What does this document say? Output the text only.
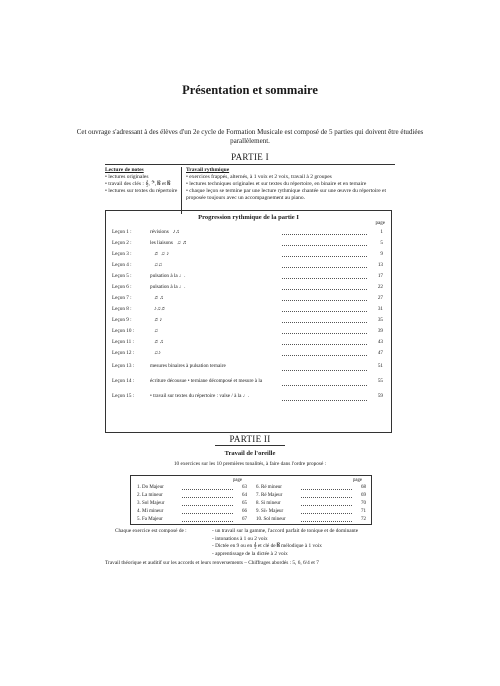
Présentation et sommaire
Cet ouvrage s'adressant à des élèves d'un 2e cycle de Formation Musicale est composé de 5 parties qui doivent être étudiées parallèlement.
PARTIE I
Lecture de notes
• lectures originales
• travail des clés : 𝄞, 𝄢, 𝄡 et 𝄡
• lectures sur textes du répertoire
Travail rythmique
• exercices frappés, alternés, à 1 voix et 2 voix, travail à 2 groupes
• lectures techniques originales et sur textes du répertoire, en binaire et en ternaire
• chaque leçon se termine par une lecture rythmique chantée sur une œuvre du répertoire et proposée toujours avec un accompagnement au piano.
Progression rythmique de la partie I
page
Leçon 1 :	révisions ♪♫	1
Leçon 2 :	les liaisons ♫ ♬	5
Leçon 3 :	♬ ♫ ♪	9
Leçon 4 :	♫♫	13
Leçon 5 :	pulsation à la ♩.	17
Leçon 6 :	pulsation à la ♩.	22
Leçon 7 :	♬♫	27
Leçon 8 :	♪♫♬	31
Leçon 9 :	♬♪	35
Leçon 10 :	♫	39
Leçon 11 :	♬♫	43
Leçon 12 :	♫♪	47
Leçon 13 :	mesures binaires à pulsation ternaire	51
Leçon 14 :	écriture décousue • terniane décomposé et mesure à la	55
Leçon 15 :	• travail sur textes du répertoire : valse / à la ♩.	59
PARTIE II
Travail de l'oreille
10 exercices sur les 10 premières tonalités, à faire dans l'ordre proposé :
page	page
1. Do Majeur	63
2. La mineur	64
3. Sol Majeur	65
4. Mi mineur	66
5. Fa Majeur	67
6. Ré mineur	68
7. Ré Majeur	69
8. Si mineur	70
9. Si♭ Majeur	71
10. Sol mineur	72
Chaque exercice est composé de :	- un travail sur la gamme, l'accord parfait de tonique et de dominante
- intonations à 1 ou 2 voix
- Dictée en 9 ou en 𝄞 et clé de 𝄡 mélodique à 1 voix
- apprentissage de la dictée à 2 voix
Travail théorique et auditif sur les accords et leurs renversements – Chiffrages abordés : 5, 6, 6/4 et 7
